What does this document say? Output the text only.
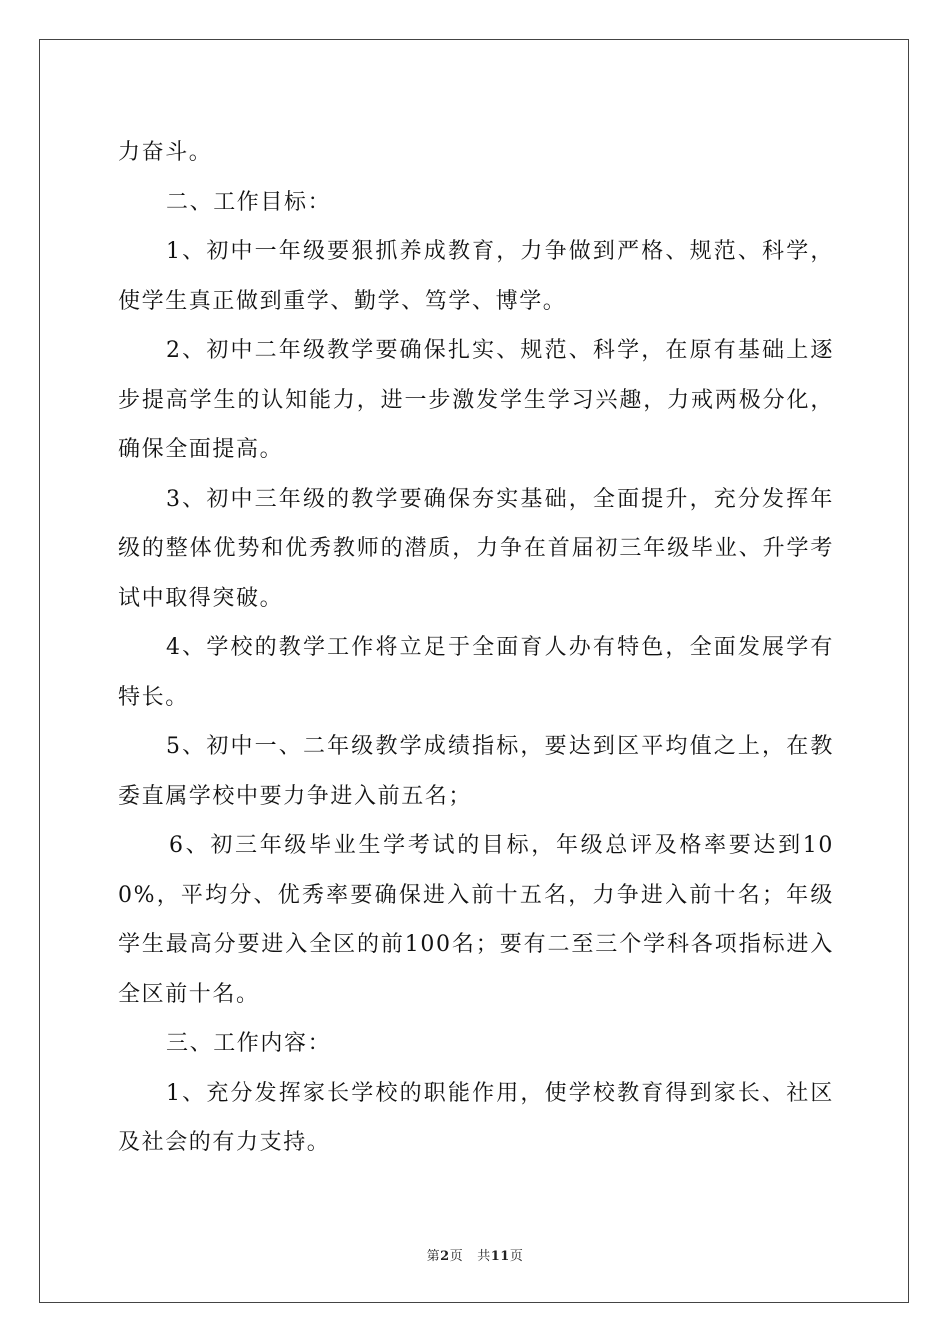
力奋斗。

二、工作目标：

1、初中一年级要狠抓养成教育，力争做到严格、规范、科学，使学生真正做到重学、勤学、笃学、博学。

2、初中二年级教学要确保扎实、规范、科学，在原有基础上逐步提高学生的认知能力，进一步激发学生学习兴趣，力戒两极分化，确保全面提高。

3、初中三年级的教学要确保夯实基础，全面提升，充分发挥年级的整体优势和优秀教师的潜质，力争在首届初三年级毕业、升学考试中取得突破。

4、学校的教学工作将立足于全面育人办有特色，全面发展学有特长。

5、初中一、二年级教学成绩指标，要达到区平均值之上，在教委直属学校中要力争进入前五名；

6、初三年级毕业生学考试的目标，年级总评及格率要达到100%，平均分、优秀率要确保进入前十五名，力争进入前十名；年级学生最高分要进入全区的前100名；要有二至三个学科各项指标进入全区前十名。

三、工作内容：

1、充分发挥家长学校的职能作用，使学校教育得到家长、社区及社会的有力支持。

第2页 共11页
